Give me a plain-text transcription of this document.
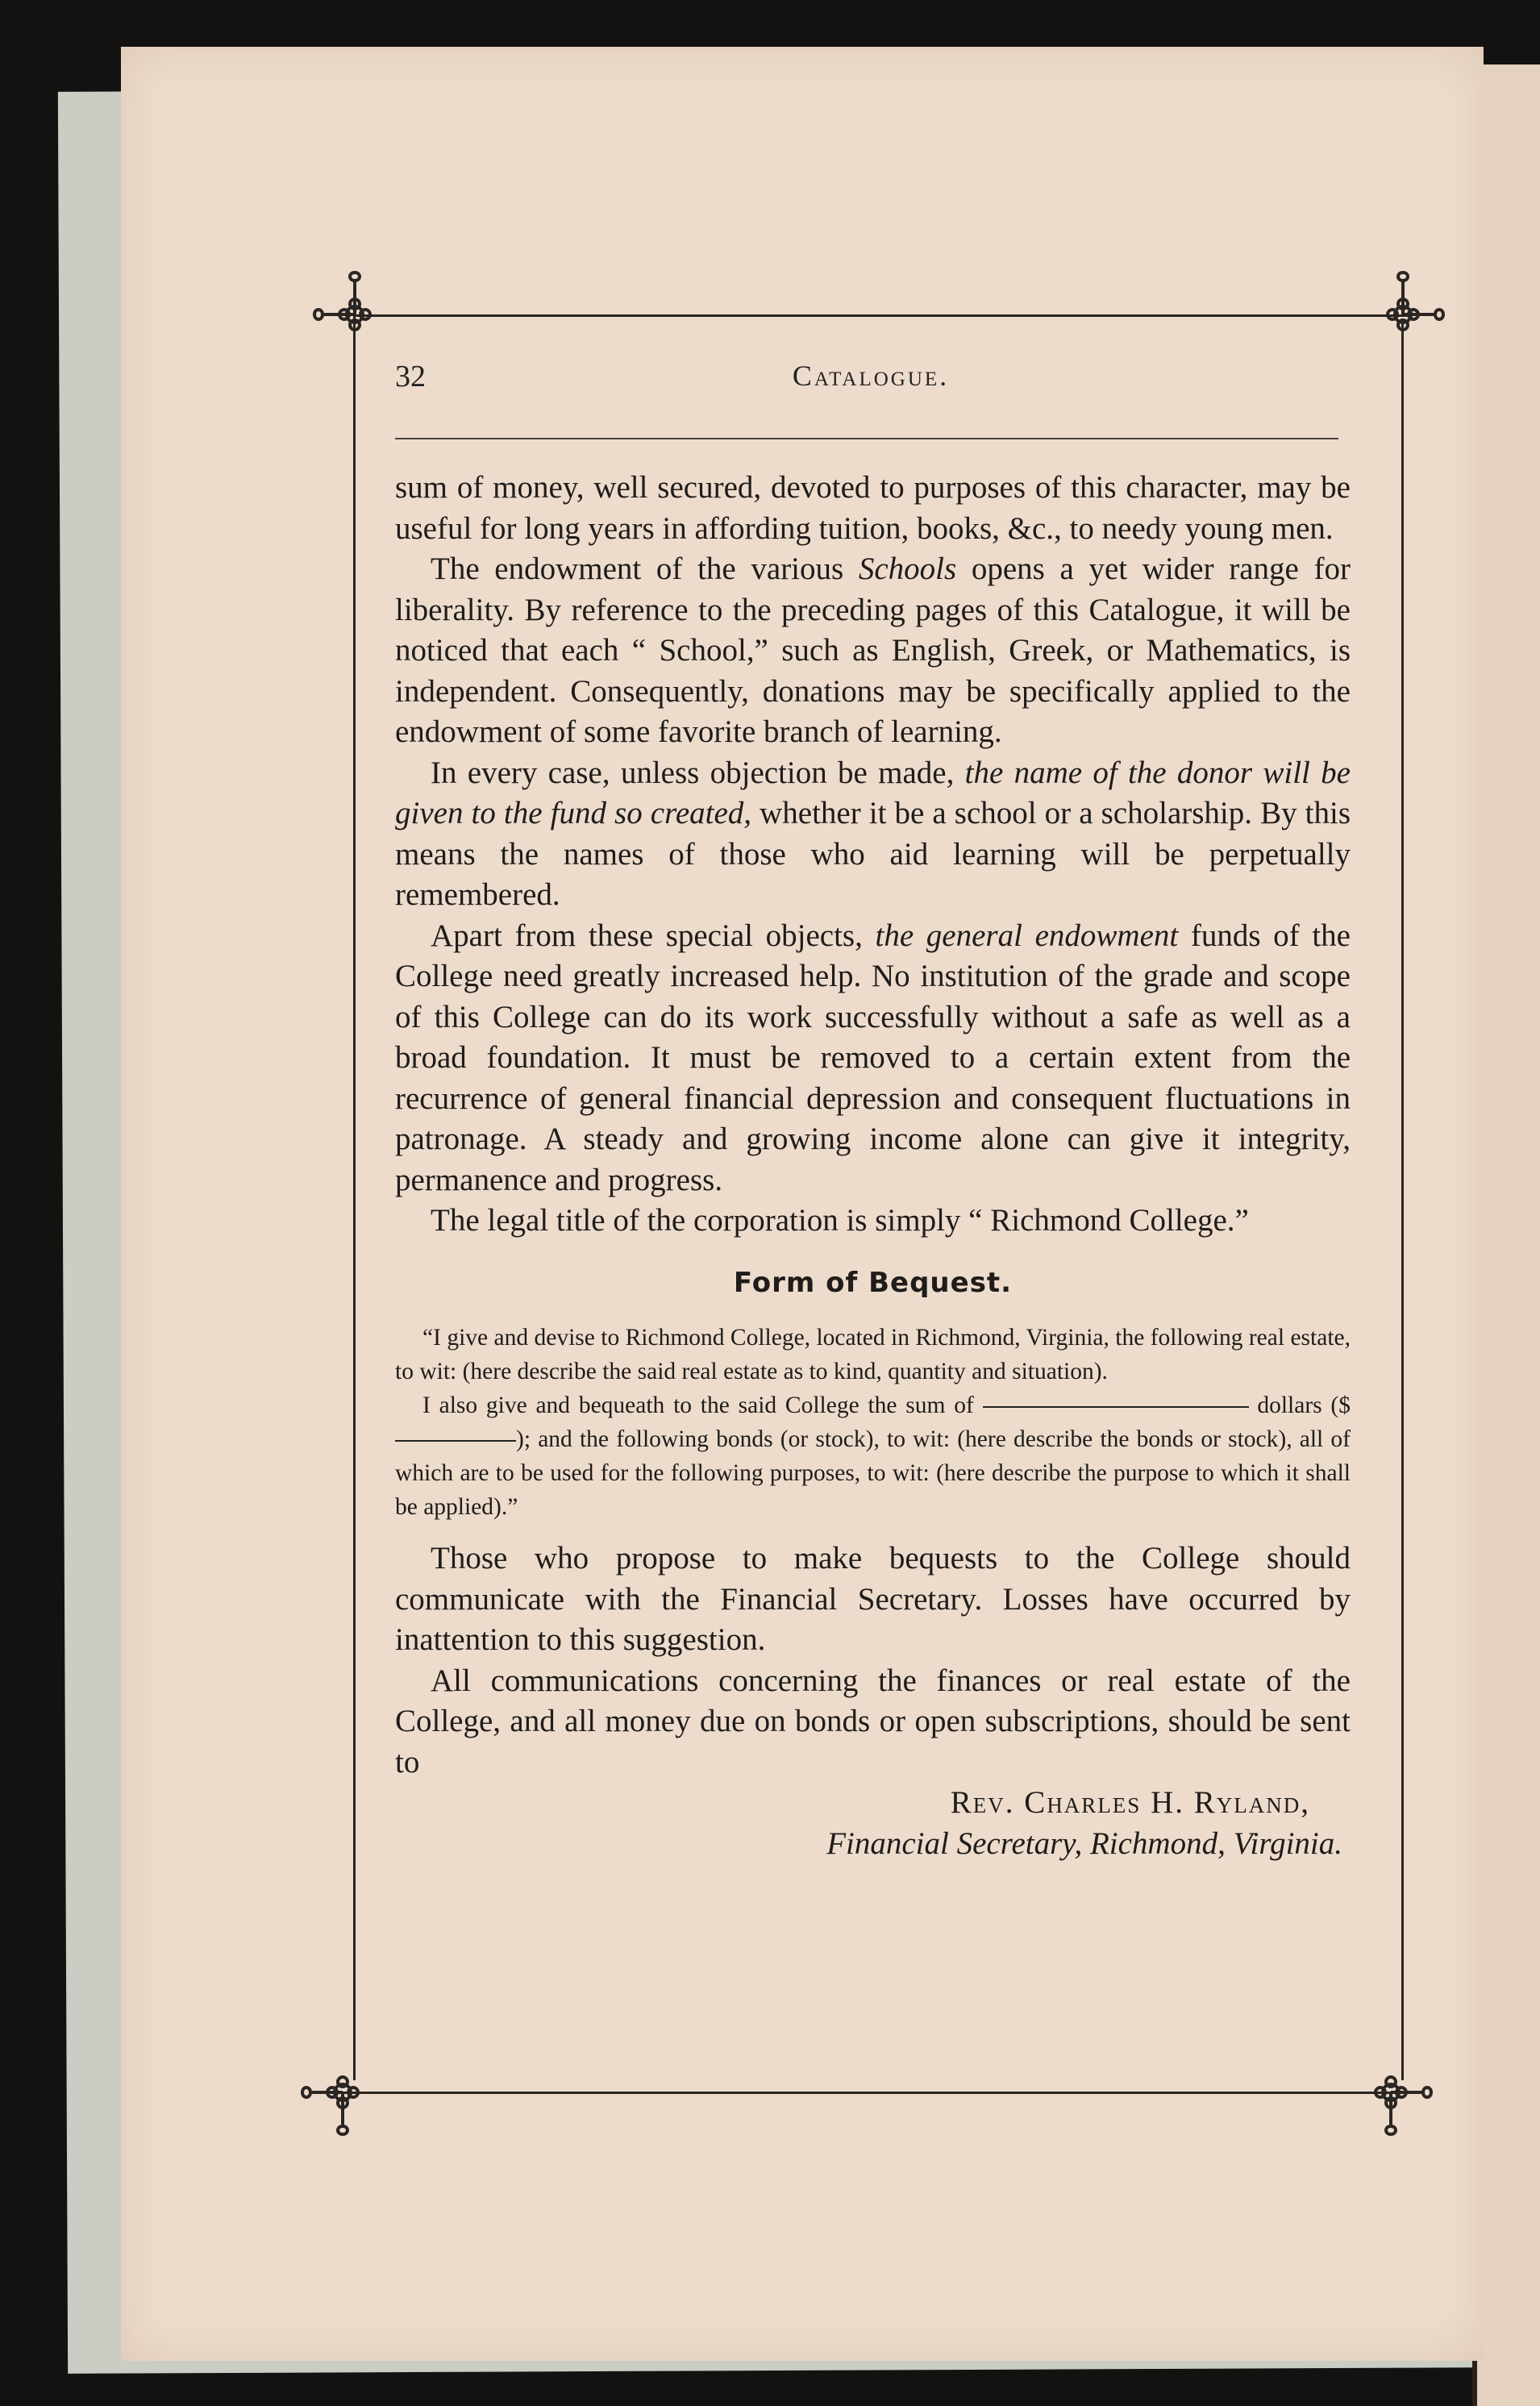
32	Catalogue.

sum of money, well secured, devoted to purposes of this character, may be useful for long years in affording tuition, books, &c., to needy young men.

The endowment of the various Schools opens a yet wider range for liberality. By reference to the preceding pages of this Catalogue, it will be noticed that each “ School,” such as English, Greek, or Mathematics, is independent. Consequently, donations may be specifically applied to the endowment of some favorite branch of learning.

In every case, unless objection be made, the name of the donor will be given to the fund so created, whether it be a school or a scholarship. By this means the names of those who aid learning will be perpetually remembered.

Apart from these special objects, the general endowment funds of the College need greatly increased help. No institution of the grade and scope of this College can do its work successfully without a safe as well as a broad foundation. It must be removed to a certain extent from the recurrence of general financial depression and consequent fluctuations in patronage. A steady and growing income alone can give it integrity, permanence and progress.

The legal title of the corporation is simply “ Richmond College.”

Form of Bequest.

“I give and devise to Richmond College, located in Richmond, Virginia, the following real estate, to wit: (here describe the said real estate as to kind, quantity and situation).

I also give and bequeath to the said College the sum of	dollars ($); and the following bonds (or stock), to wit: (here describe the bonds or stock), all of which are to be used for the following purposes, to wit: (here describe the purpose to which it shall be applied).”

Those who propose to make bequests to the College should communicate with the Financial Secretary. Losses have occurred by inattention to this suggestion.

All communications concerning the finances or real estate of the College, and all money due on bonds or open subscriptions, should be sent to

Rev. Charles H. Ryland,
Financial Secretary, Richmond, Virginia.
